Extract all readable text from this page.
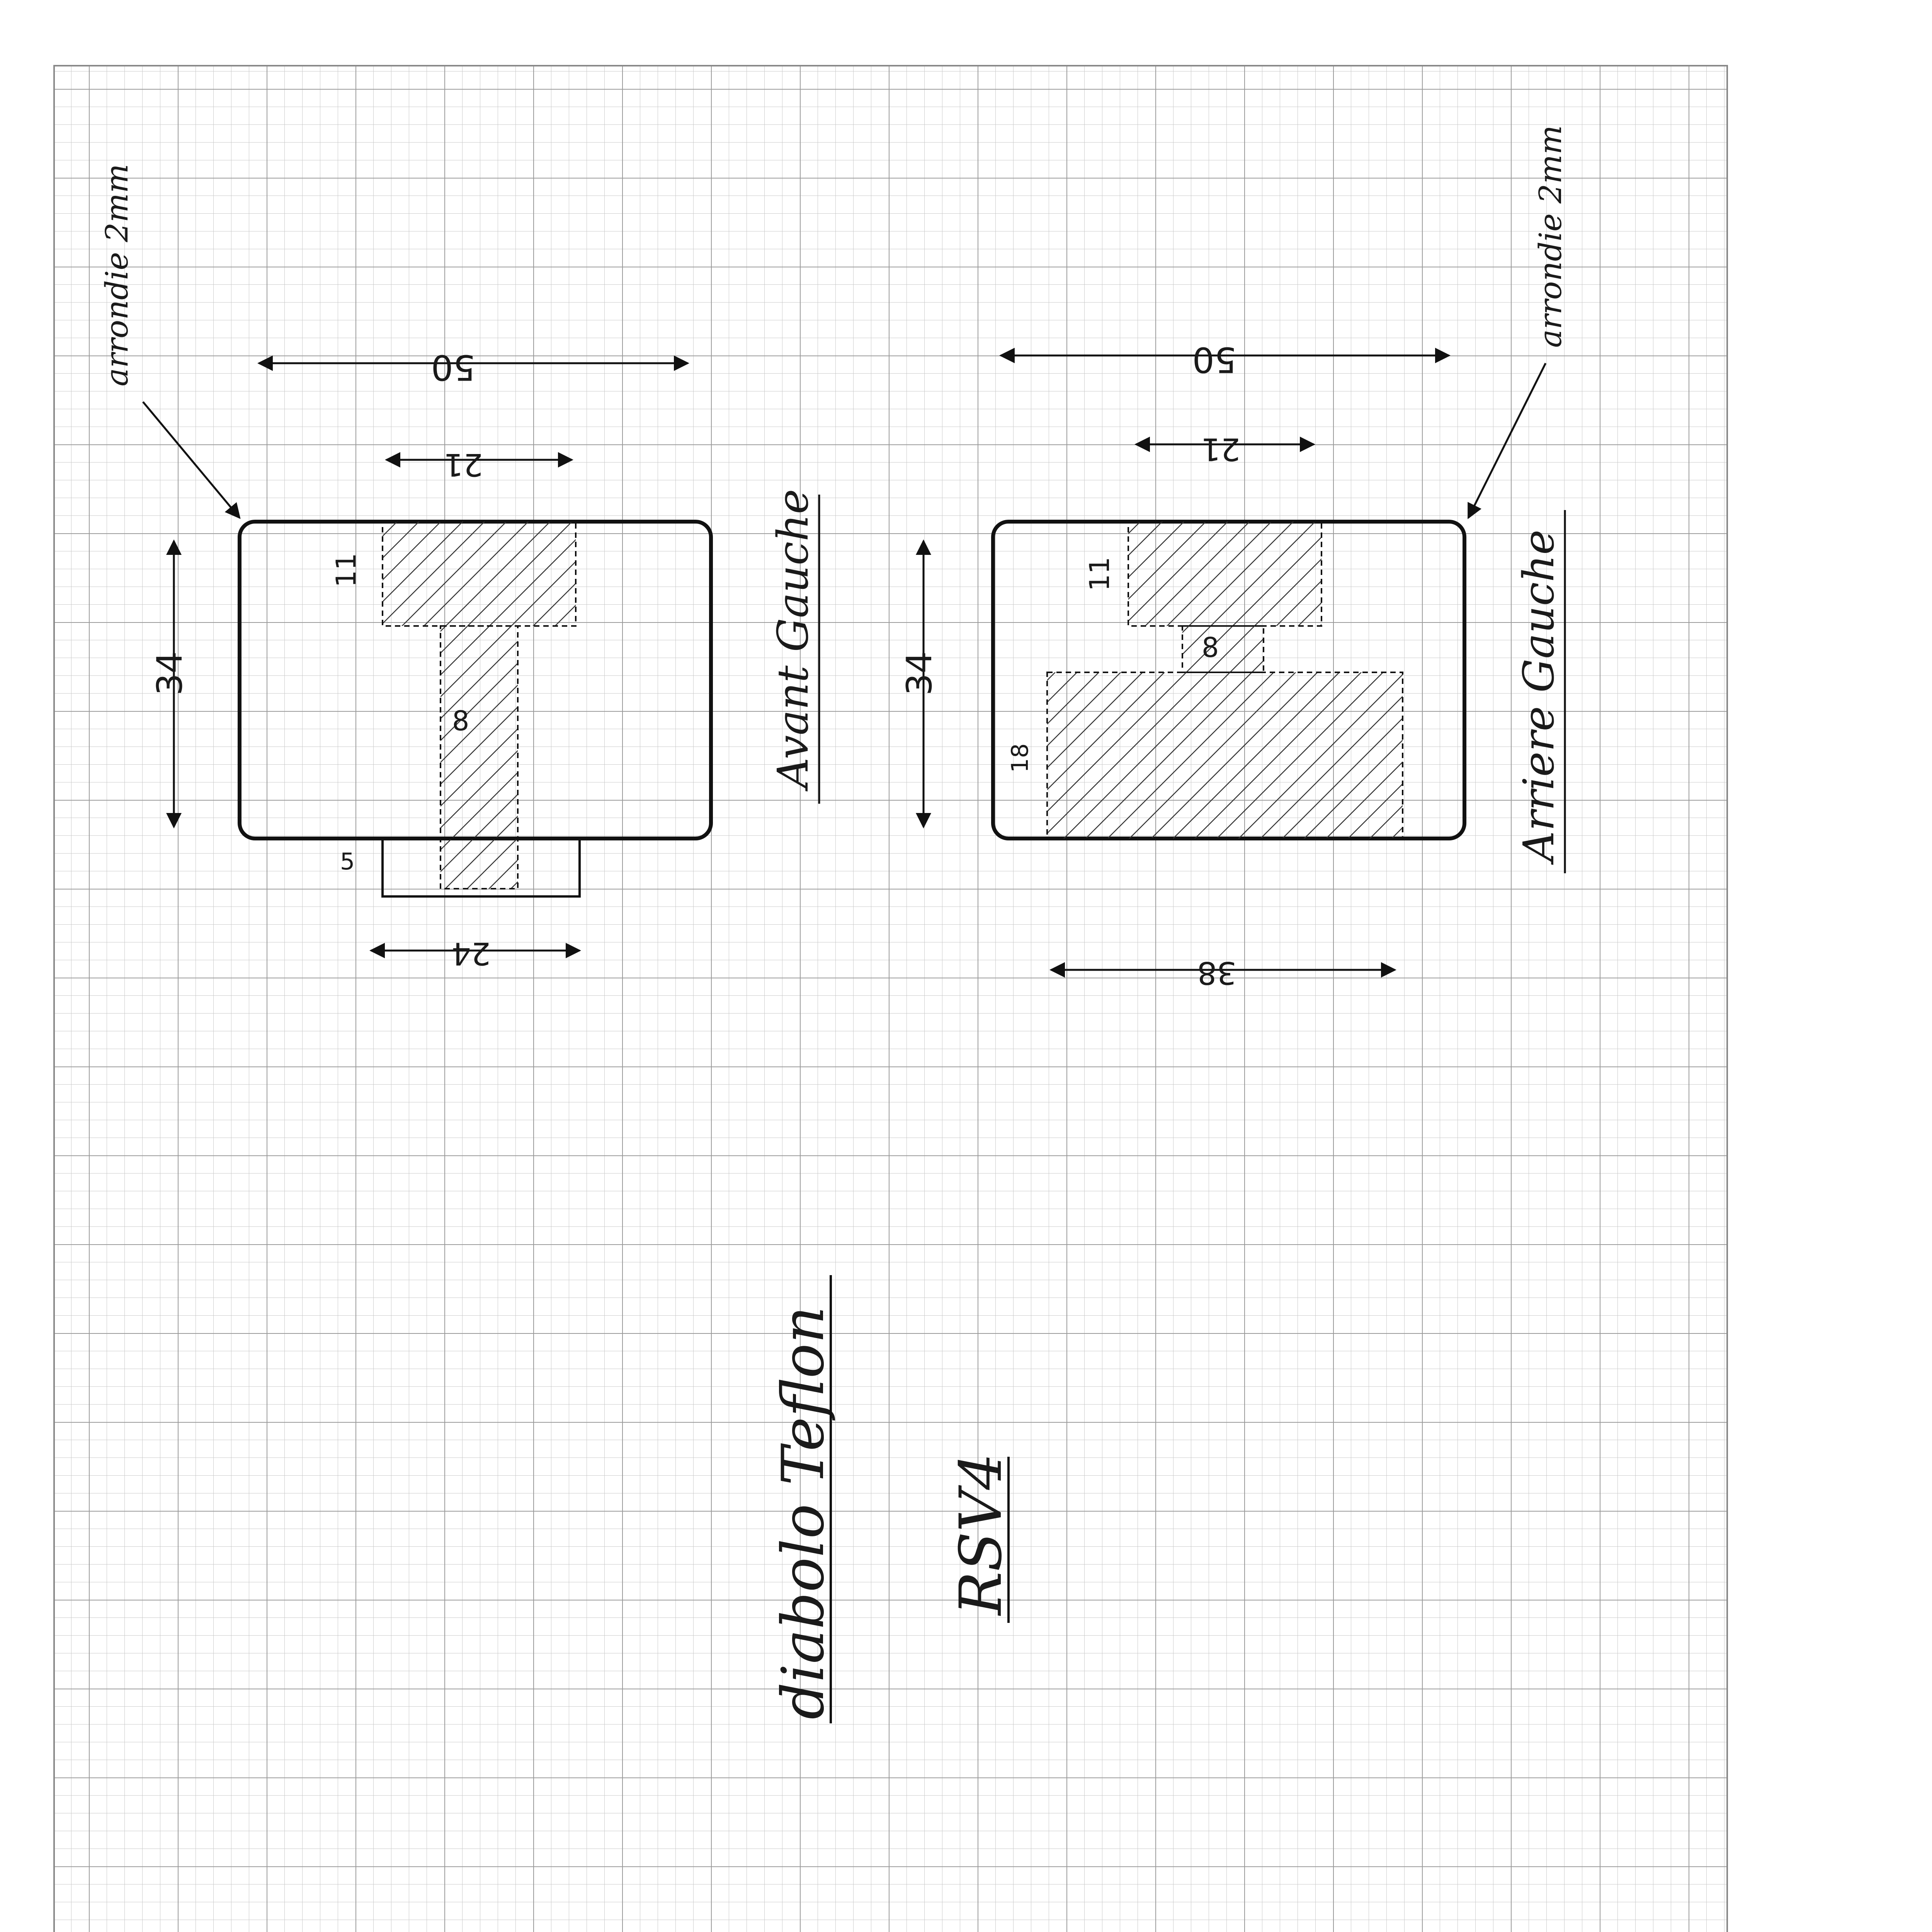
50
21
34
11
8
5
24
Avant Gauche
arrondie 2mm	50
21
34
11
8
18
38
Arriere Gauche
arrondie 2mm
diabolo Teflon RSV4
